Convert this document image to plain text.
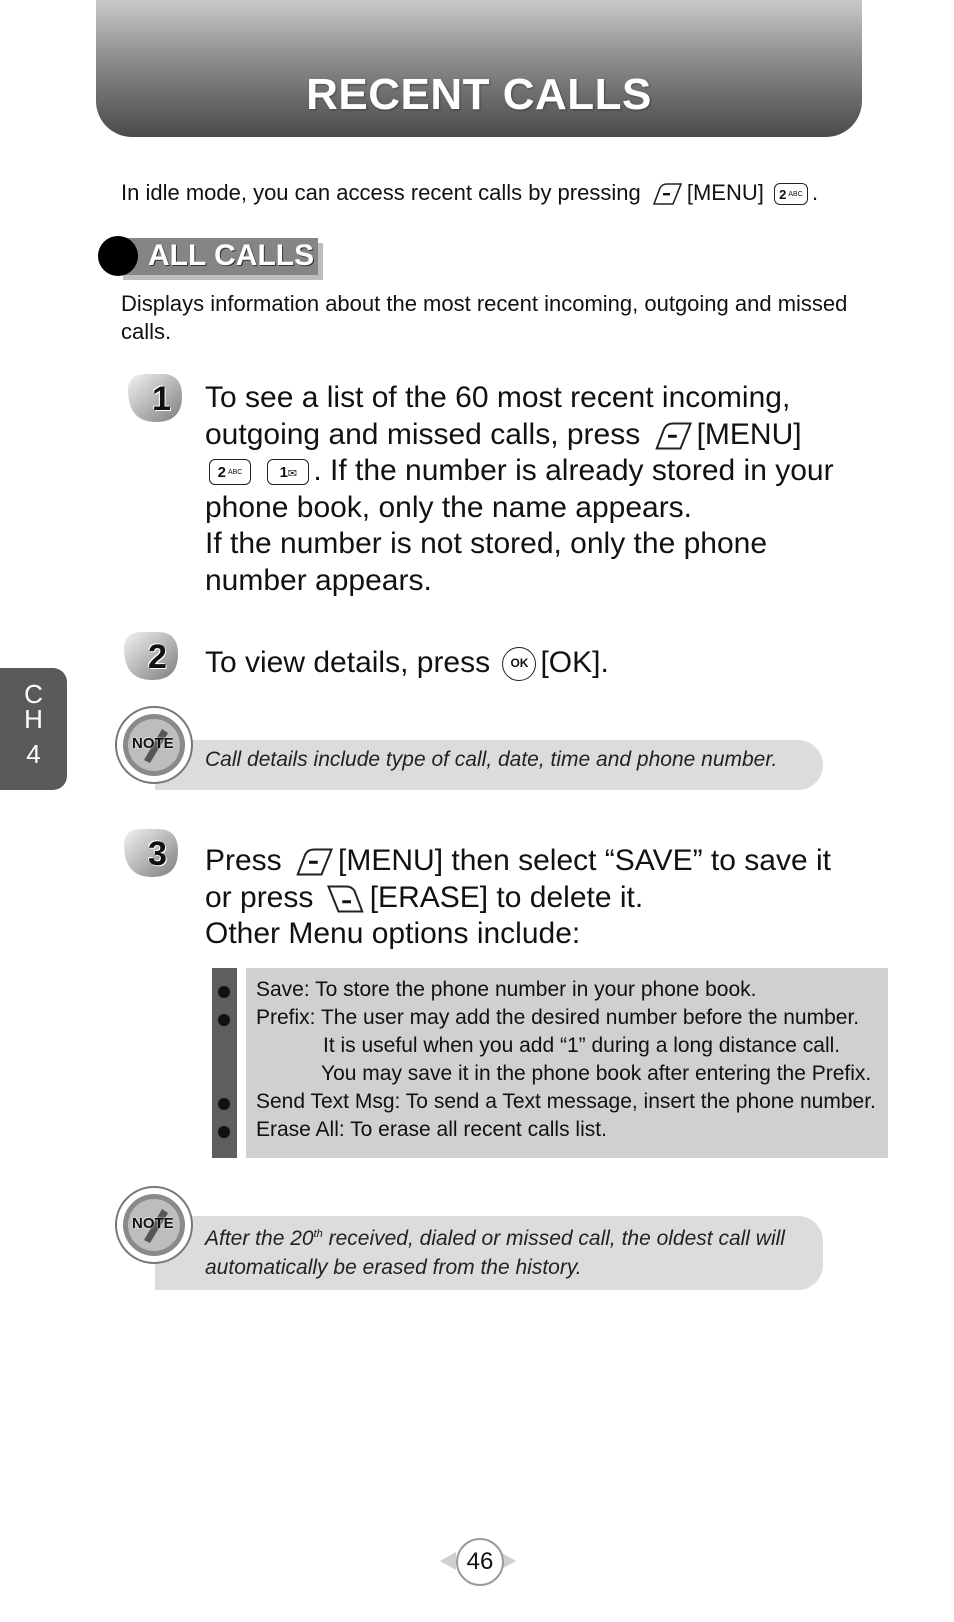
RECENT CALLS
In idle mode, you can access recent calls by pressing [MENU] 2 $^{ABC}$ .
ALL CALLS
Displays information about the most recent incoming, outgoing and missed calls.
1 To see a list of the 60 most recent incoming,
outgoing and missed calls, press [MENU]
2 $^{ABC}$ 1✉ . If the number is already stored in your
phone book, only the name appears.
If the number is not stored, only the phone
number appears.
2 To view details, press OK [OK].
NOTE
Call details include type of call, date, time and phone number.
3 Press [MENU] then select “SAVE” to save it
or press [ERASE] to delete it.
Other Menu options include:
Save: To store the phone number in your phone book.
Prefix: The user may add the desired number before the number.
It is useful when you add “1” during a long distance call.
You may save it in the phone book after entering the Prefix.
Send Text Msg: To send a Text message, insert the phone number.
Erase All: To erase all recent calls list.
NOTE
After the 20th received, dialed or missed call, the oldest call will
automatically be erased from the history.
C
H
4
46
